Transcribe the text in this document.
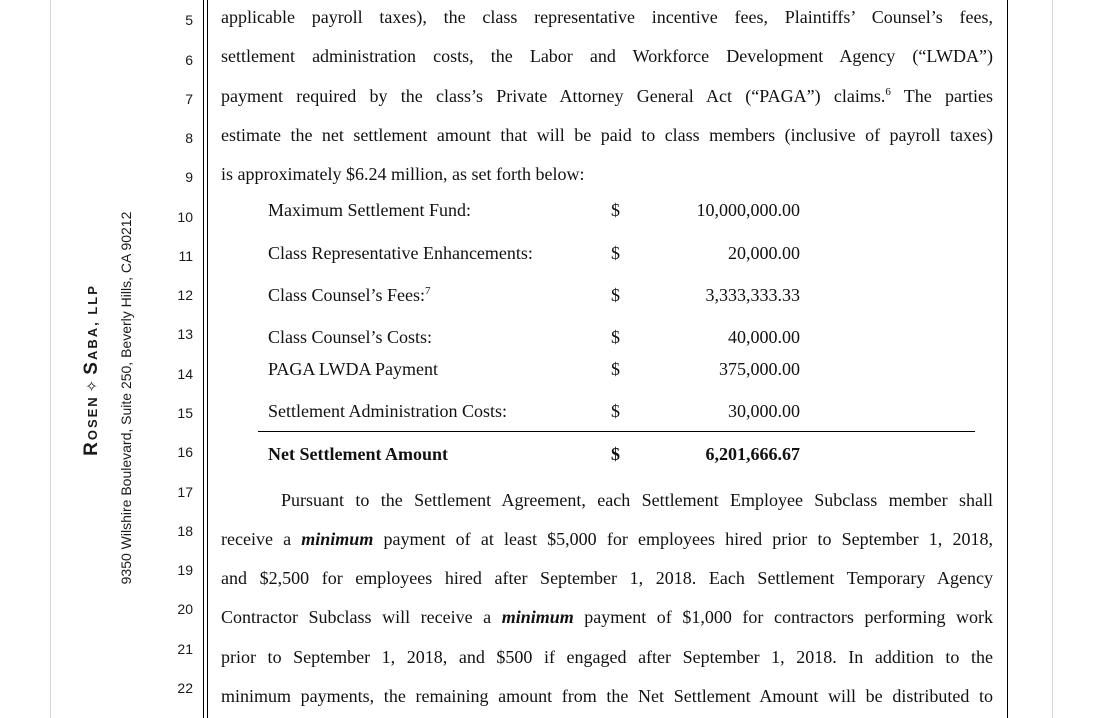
ROSEN✧SABA, LLP 9350 Wilshire Boulevard, Suite 250, Beverly Hills, CA 90212
5
6
7
8
9
10
11
12
13
14
15
16
17
18
19
20
21
22
applicable payroll taxes), the class representative incentive fees, Plaintiffs’ Counsel’s fees,
settlement administration costs, the Labor and Workforce Development Agency (“LWDA”)
payment required by the class’s Private Attorney General Act (“PAGA”) claims.$^6$ The parties
estimate the net settlement amount that will be paid to class members (inclusive of payroll taxes)
is approximately $6.24 million, as set forth below:
Maximum Settlement Fund:	$	10,000,000.00
Class Representative Enhancements:	$	20,000.00
Class Counsel’s Fees:$^7$	$	3,333,333.33
Class Counsel’s Costs:	$	40,000.00
PAGA LWDA Payment	$	375,000.00
Settlement Administration Costs:	$	30,000.00
Net Settlement Amount	$	6,201,666.67
Pursuant to the Settlement Agreement, each Settlement Employee Subclass member shall
receive a minimum payment of at least $5,000 for employees hired prior to September 1, 2018,
and $2,500 for employees hired after September 1, 2018. Each Settlement Temporary Agency
Contractor Subclass will receive a minimum payment of $1,000 for contractors performing work
prior to September 1, 2018, and $500 if engaged after September 1, 2018. In addition to the
minimum payments, the remaining amount from the Net Settlement Amount will be distributed to
